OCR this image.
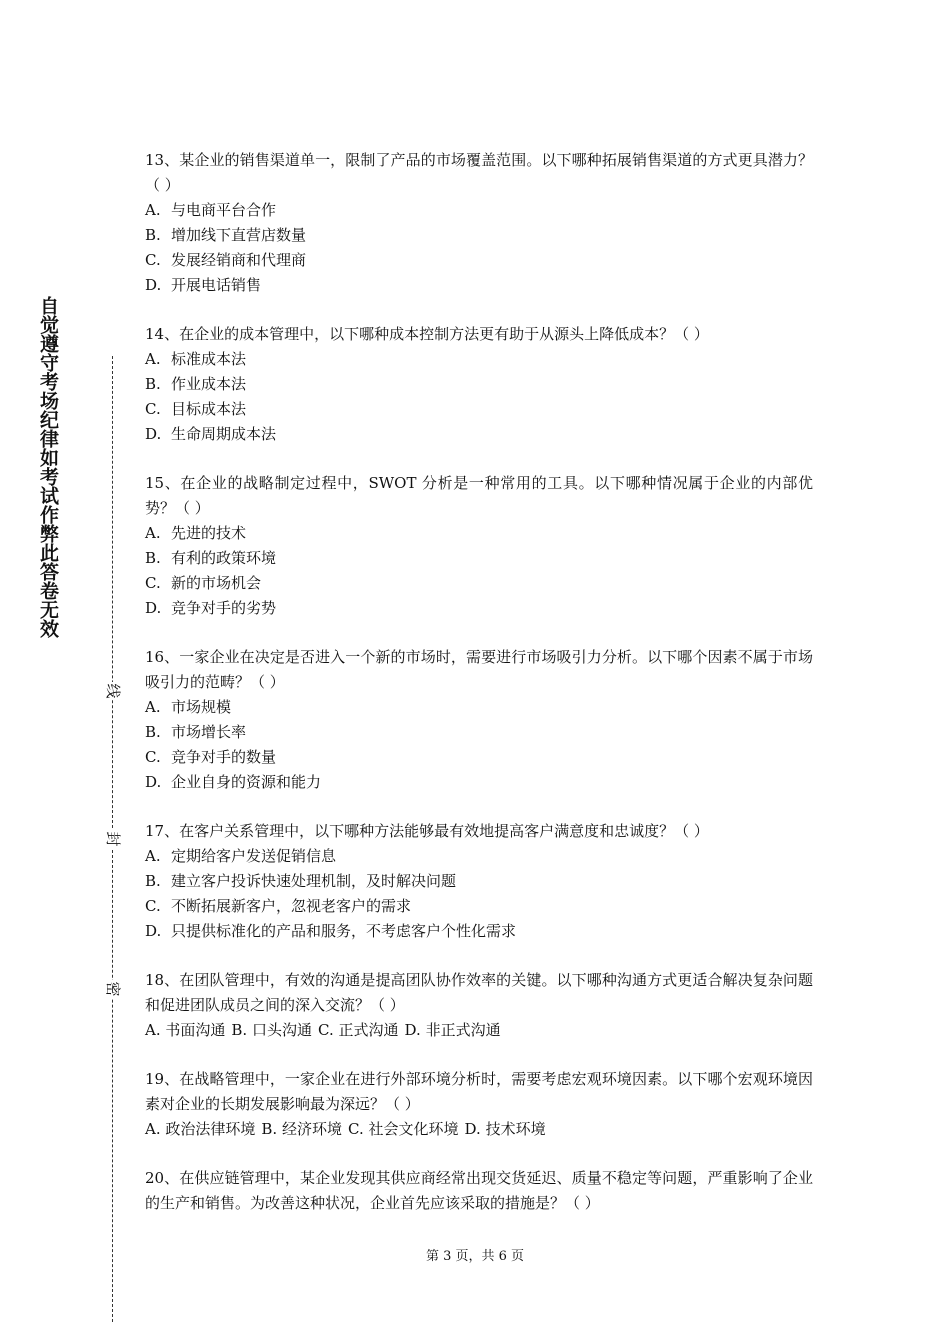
自觉遵守考场纪律如考试作弊此答卷无效
线
封
密
13、某企业的销售渠道单一，限制了产品的市场覆盖范围。以下哪种拓展销售渠道的方式更具潜力？（ ）
A. 与电商平台合作
B. 增加线下直营店数量
C. 发展经销商和代理商
D. 开展电话销售
14、在企业的成本管理中，以下哪种成本控制方法更有助于从源头上降低成本？（ ）
A. 标准成本法
B. 作业成本法
C. 目标成本法
D. 生命周期成本法
15、在企业的战略制定过程中，SWOT 分析是一种常用的工具。以下哪种情况属于企业的内部优势？（ ）
A. 先进的技术
B. 有利的政策环境
C. 新的市场机会
D. 竞争对手的劣势
16、一家企业在决定是否进入一个新的市场时，需要进行市场吸引力分析。以下哪个因素不属于市场吸引力的范畴？（ ）
A. 市场规模
B. 市场增长率
C. 竞争对手的数量
D. 企业自身的资源和能力
17、在客户关系管理中，以下哪种方法能够最有效地提高客户满意度和忠诚度？（ ）
A. 定期给客户发送促销信息
B. 建立客户投诉快速处理机制，及时解决问题
C. 不断拓展新客户，忽视老客户的需求
D. 只提供标准化的产品和服务，不考虑客户个性化需求
18、在团队管理中，有效的沟通是提高团队协作效率的关键。以下哪种沟通方式更适合解决复杂问题和促进团队成员之间的深入交流？（ ）
A. 书面沟通 B. 口头沟通 C. 正式沟通 D. 非正式沟通
19、在战略管理中，一家企业在进行外部环境分析时，需要考虑宏观环境因素。以下哪个宏观环境因素对企业的长期发展影响最为深远？（ ）
A. 政治法律环境 B. 经济环境 C. 社会文化环境 D. 技术环境
20、在供应链管理中，某企业发现其供应商经常出现交货延迟、质量不稳定等问题，严重影响了企业的生产和销售。为改善这种状况，企业首先应该采取的措施是？（ ）
第 3 页，共 6 页
